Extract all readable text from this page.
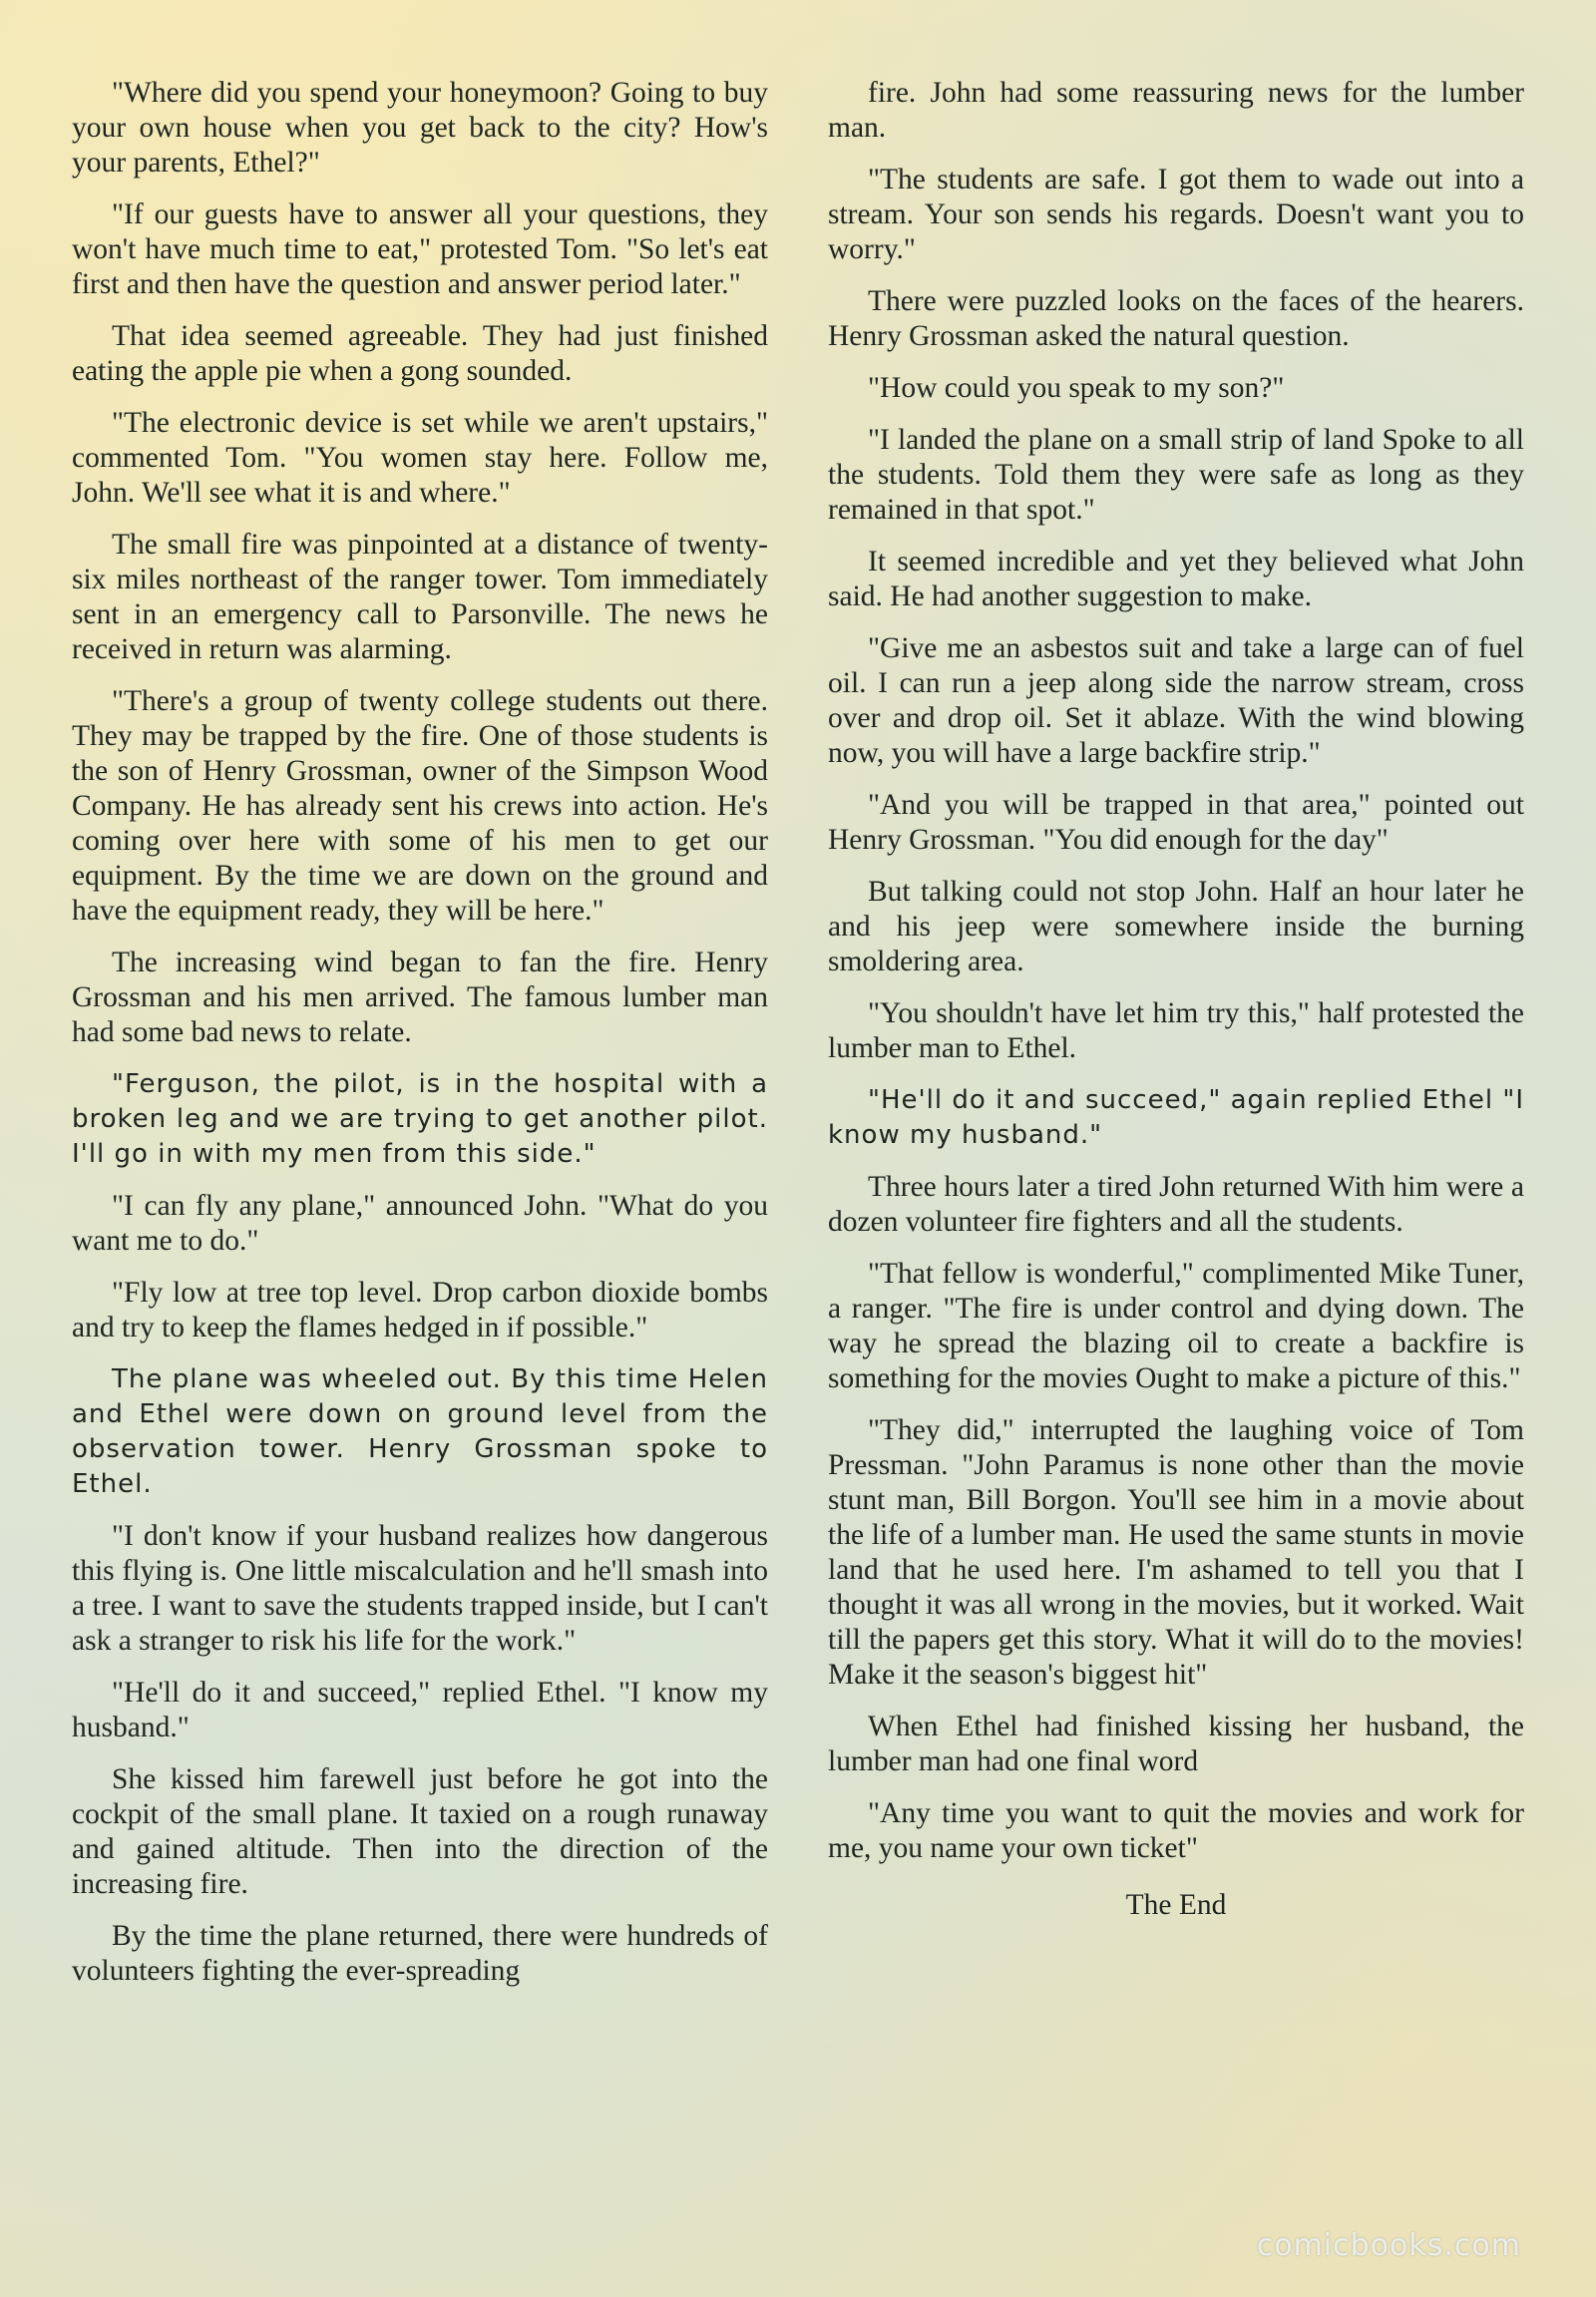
"Where did you spend your honeymoon? Going to buy your own house when you get back to the city? How's your parents, Ethel?"

"If our guests have to answer all your questions, they won't have much time to eat," protested Tom. "So let's eat first and then have the question and answer period later."

That idea seemed agreeable. They had just finished eating the apple pie when a gong sounded.

"The electronic device is set while we aren't upstairs," commented Tom. "You women stay here. Follow me, John. We'll see what it is and where."

The small fire was pinpointed at a distance of twenty-six miles northeast of the ranger tower. Tom immediately sent in an emergency call to Parsonville. The news he received in return was alarming.

"There's a group of twenty college students out there. They may be trapped by the fire. One of those students is the son of Henry Grossman, owner of the Simpson Wood Company. He has already sent his crews into action. He's coming over here with some of his men to get our equipment. By the time we are down on the ground and have the equipment ready, they will be here."

The increasing wind began to fan the fire. Henry Grossman and his men arrived. The famous lumber man had some bad news to relate.

"Ferguson, the pilot, is in the hospital with a broken leg and we are trying to get another pilot. I'll go in with my men from this side."

"I can fly any plane," announced John. "What do you want me to do."

"Fly low at tree top level. Drop carbon dioxide bombs and try to keep the flames hedged in if possible."

The plane was wheeled out. By this time Helen and Ethel were down on ground level from the observation tower. Henry Grossman spoke to Ethel.

"I don't know if your husband realizes how dangerous this flying is. One little miscalculation and he'll smash into a tree. I want to save the students trapped inside, but I can't ask a stranger to risk his life for the work."

"He'll do it and succeed," replied Ethel. "I know my husband."

She kissed him farewell just before he got into the cockpit of the small plane. It taxied on a rough runaway and gained altitude. Then into the direction of the increasing fire.

By the time the plane returned, there were hundreds of volunteers fighting the ever-spreading

fire. John had some reassuring news for the lumber man.

"The students are safe. I got them to wade out into a stream. Your son sends his regards. Doesn't want you to worry."

There were puzzled looks on the faces of the hearers. Henry Grossman asked the natural question.

"How could you speak to my son?"

"I landed the plane on a small strip of land Spoke to all the students. Told them they were safe as long as they remained in that spot."

It seemed incredible and yet they believed what John said. He had another suggestion to make.

"Give me an asbestos suit and take a large can of fuel oil. I can run a jeep along side the narrow stream, cross over and drop oil. Set it ablaze. With the wind blowing now, you will have a large backfire strip."

"And you will be trapped in that area," pointed out Henry Grossman. "You did enough for the day"

But talking could not stop John. Half an hour later he and his jeep were somewhere inside the burning smoldering area.

"You shouldn't have let him try this," half protested the lumber man to Ethel.

"He'll do it and succeed," again replied Ethel "I know my husband."

Three hours later a tired John returned With him were a dozen volunteer fire fighters and all the students.

"That fellow is wonderful," complimented Mike Tuner, a ranger. "The fire is under control and dying down. The way he spread the blazing oil to create a backfire is something for the movies Ought to make a picture of this."

"They did," interrupted the laughing voice of Tom Pressman. "John Paramus is none other than the movie stunt man, Bill Borgon. You'll see him in a movie about the life of a lumber man. He used the same stunts in movie land that he used here. I'm ashamed to tell you that I thought it was all wrong in the movies, but it worked. Wait till the papers get this story. What it will do to the movies! Make it the season's biggest hit"

When Ethel had finished kissing her husband, the lumber man had one final word

"Any time you want to quit the movies and work for me, you name your own ticket"

The End

comicbooks.com
